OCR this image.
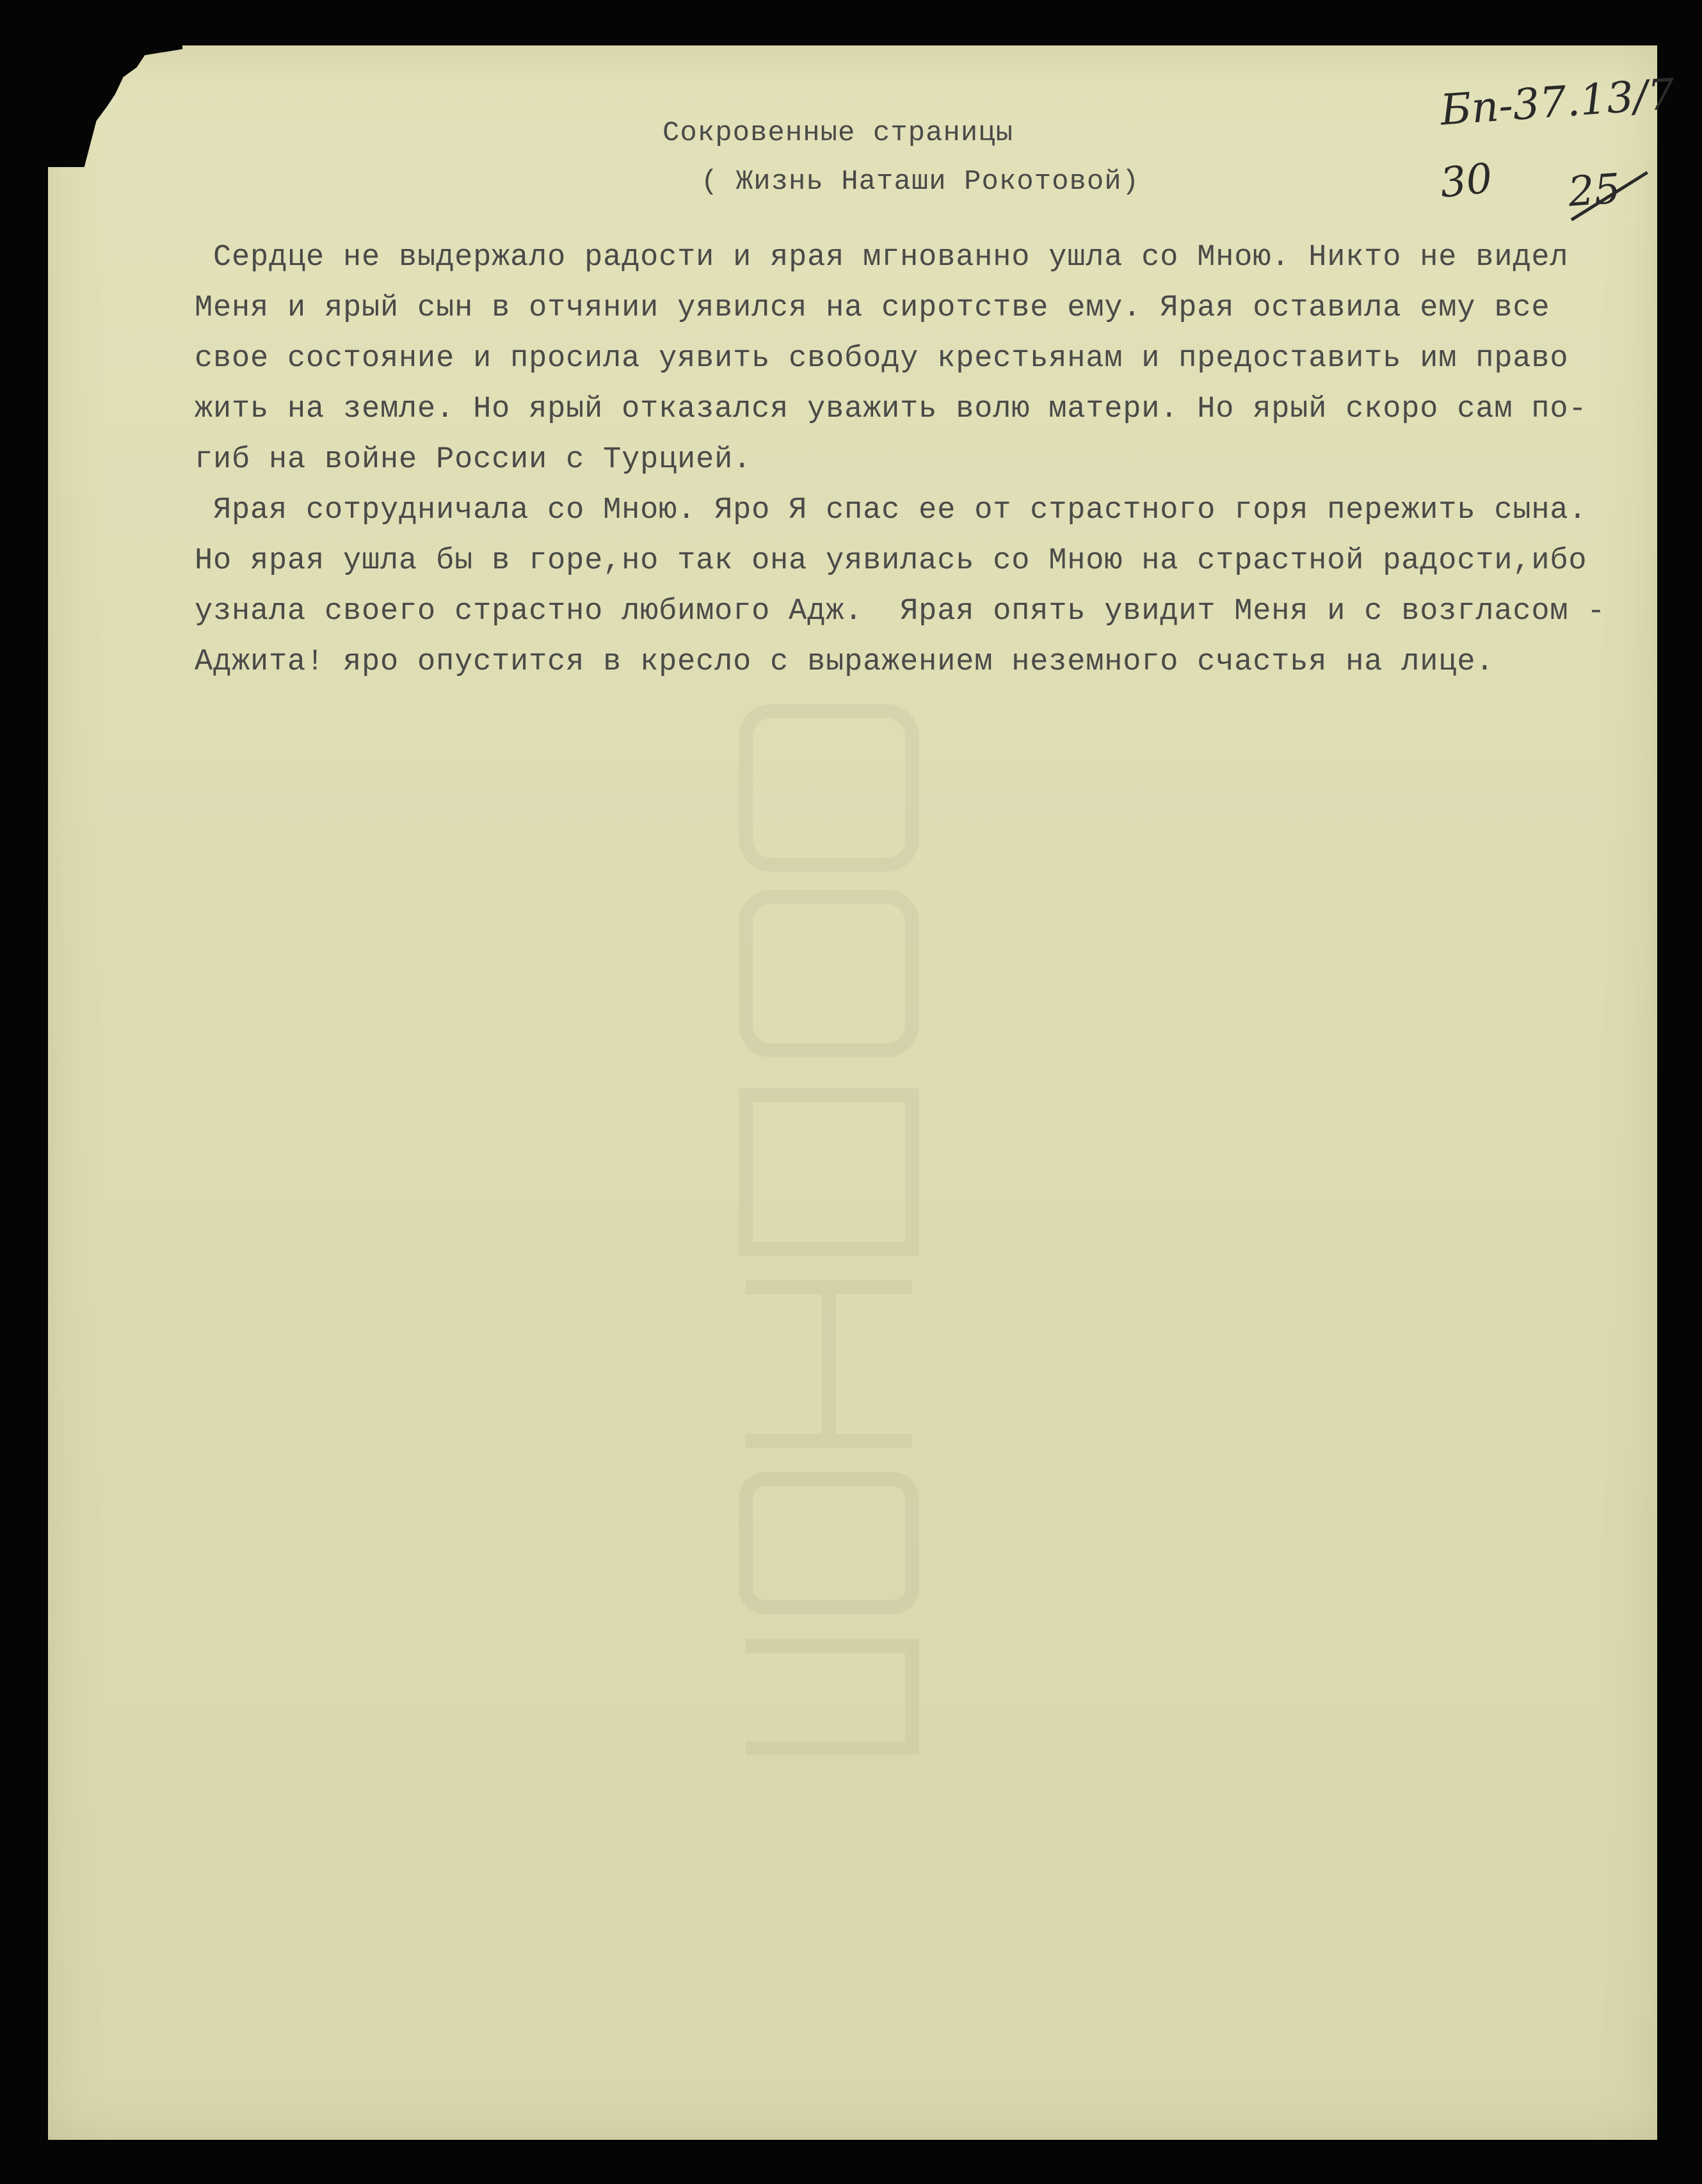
Сокровенные страницы
( Жизнь Наташи Рокотовой)
Сердце не выдержало радости и ярая мгнованно ушла со Мною. Никто не видел
Меня и ярый сын в отчянии уявился на сиротстве ему. Ярая оставила ему все
свое состояние и просила уявить свободу крестьянам и предоставить им право
жить на земле. Но ярый отказался уважить волю матери. Но ярый скоро сам по-
гиб на войне России с Турцией.
Ярая сотрудничала со Мною. Яро Я спас ее от страстного горя пережить сына.
Но ярая ушла бы в горе,но так она уявилась со Мною на страстной радости,ибо
узнала своего страстно любимого Адж.  Ярая опять увидит Меня и с возгласом -
Аджита! яро опустится в кресло с выражением неземного счастья на лице.
Бп-37.13/7
30 25
